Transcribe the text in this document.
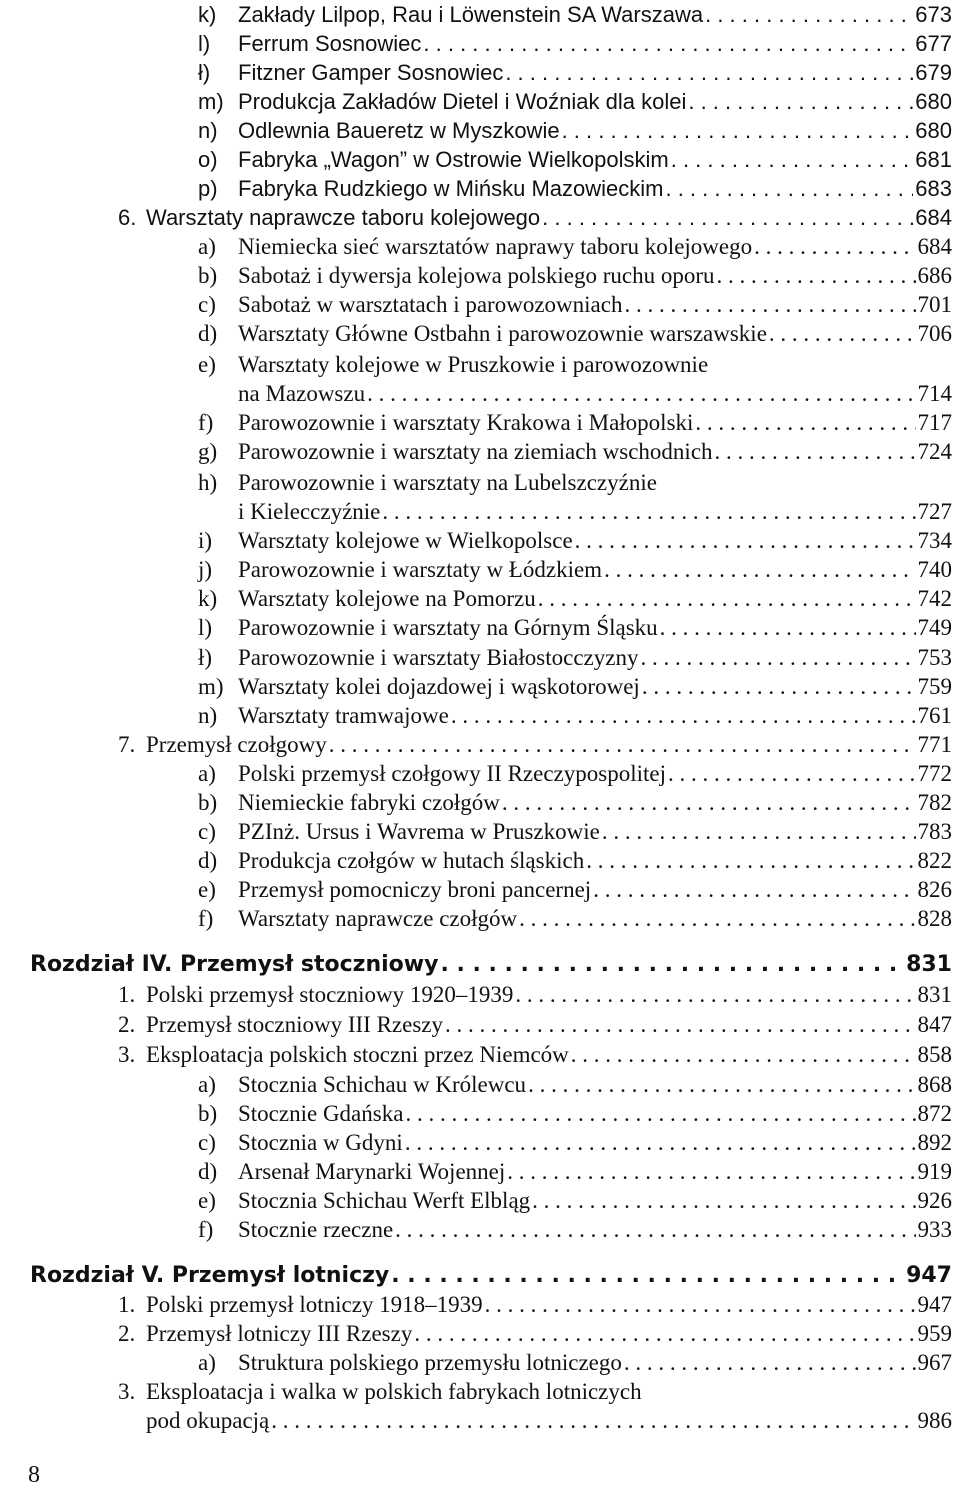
k) Zakłady Lilpop, Rau i Löwenstein SA Warszawa . . .	673
l) Ferrum Sosnowiec . . .	677
ł) Fitzner Gamper Sosnowiec . . .	679
m) Produkcja Zakładów Dietel i Woźniak dla kolei . . .	680
n) Odlewnia Baueretz w Myszkowie . . .	680
o) Fabryka „Wagon” w Ostrowie Wielkopolskim . . .	681
p) Fabryka Rudzkiego w Mińsku Mazowieckim . . .	683
6. Warsztaty naprawcze taboru kolejowego . . .	684
a) Niemiecka sieć warsztatów naprawy taboru kolejowego . . .	684
b) Sabotaż i dywersja kolejowa polskiego ruchu oporu . . .	686
c) Sabotaż w warsztatach i parowozowniach . . .	701
d) Warsztaty Główne Ostbahn i parowozownie warszawskie . . .	706
e) Warsztaty kolejowe w Pruszkowie i parowozownie
na Mazowszu . . .	714
f) Parowozownie i warsztaty Krakowa i Małopolski . . .	717
g) Parowozownie i warsztaty na ziemiach wschodnich . . .	724
h) Parowozownie i warsztaty na Lubelszczyźnie
i Kielecczyźnie . . .	727
i) Warsztaty kolejowe w Wielkopolsce . . .	734
j) Parowozownie i warsztaty w Łódzkiem . . .	740
k) Warsztaty kolejowe na Pomorzu . . .	742
l) Parowozownie i warsztaty na Górnym Śląsku . . .	749
ł) Parowozownie i warsztaty Białostocczyzny . . .	753
m) Warsztaty kolei dojazdowej i wąskotorowej . . .	759
n) Warsztaty tramwajowe . . .	761
7. Przemysł czołgowy . . .	771
a) Polski przemysł czołgowy II Rzeczypospolitej . . .	772
b) Niemieckie fabryki czołgów . . .	782
c) PZInż. Ursus i Wavrema w Pruszkowie . . .	783
d) Produkcja czołgów w hutach śląskich . . .	822
e) Przemysł pomocniczy broni pancernej . . .	826
f) Warsztaty naprawcze czołgów . . .	828
Rozdział IV. Przemysł stoczniowy . . .	831
1. Polski przemysł stoczniowy 1920–1939 . . .	831
2. Przemysł stoczniowy III Rzeszy . . .	847
3. Eksploatacja polskich stoczni przez Niemców . . .	858
a) Stocznia Schichau w Królewcu . . .	868
b) Stocznie Gdańska . . .	872
c) Stocznia w Gdyni . . .	892
d) Arsenał Marynarki Wojennej . . .	919
e) Stocznia Schichau Werft Elbląg . . .	926
f) Stocznie rzeczne . . .	933
Rozdział V. Przemysł lotniczy . . .	947
1. Polski przemysł lotniczy 1918–1939 . . .	947
2. Przemysł lotniczy III Rzeszy . . .	959
a) Struktura polskiego przemysłu lotniczego . . .	967
3. Eksploatacja i walka w polskich fabrykach lotniczych
pod okupacją . . .	986
8
